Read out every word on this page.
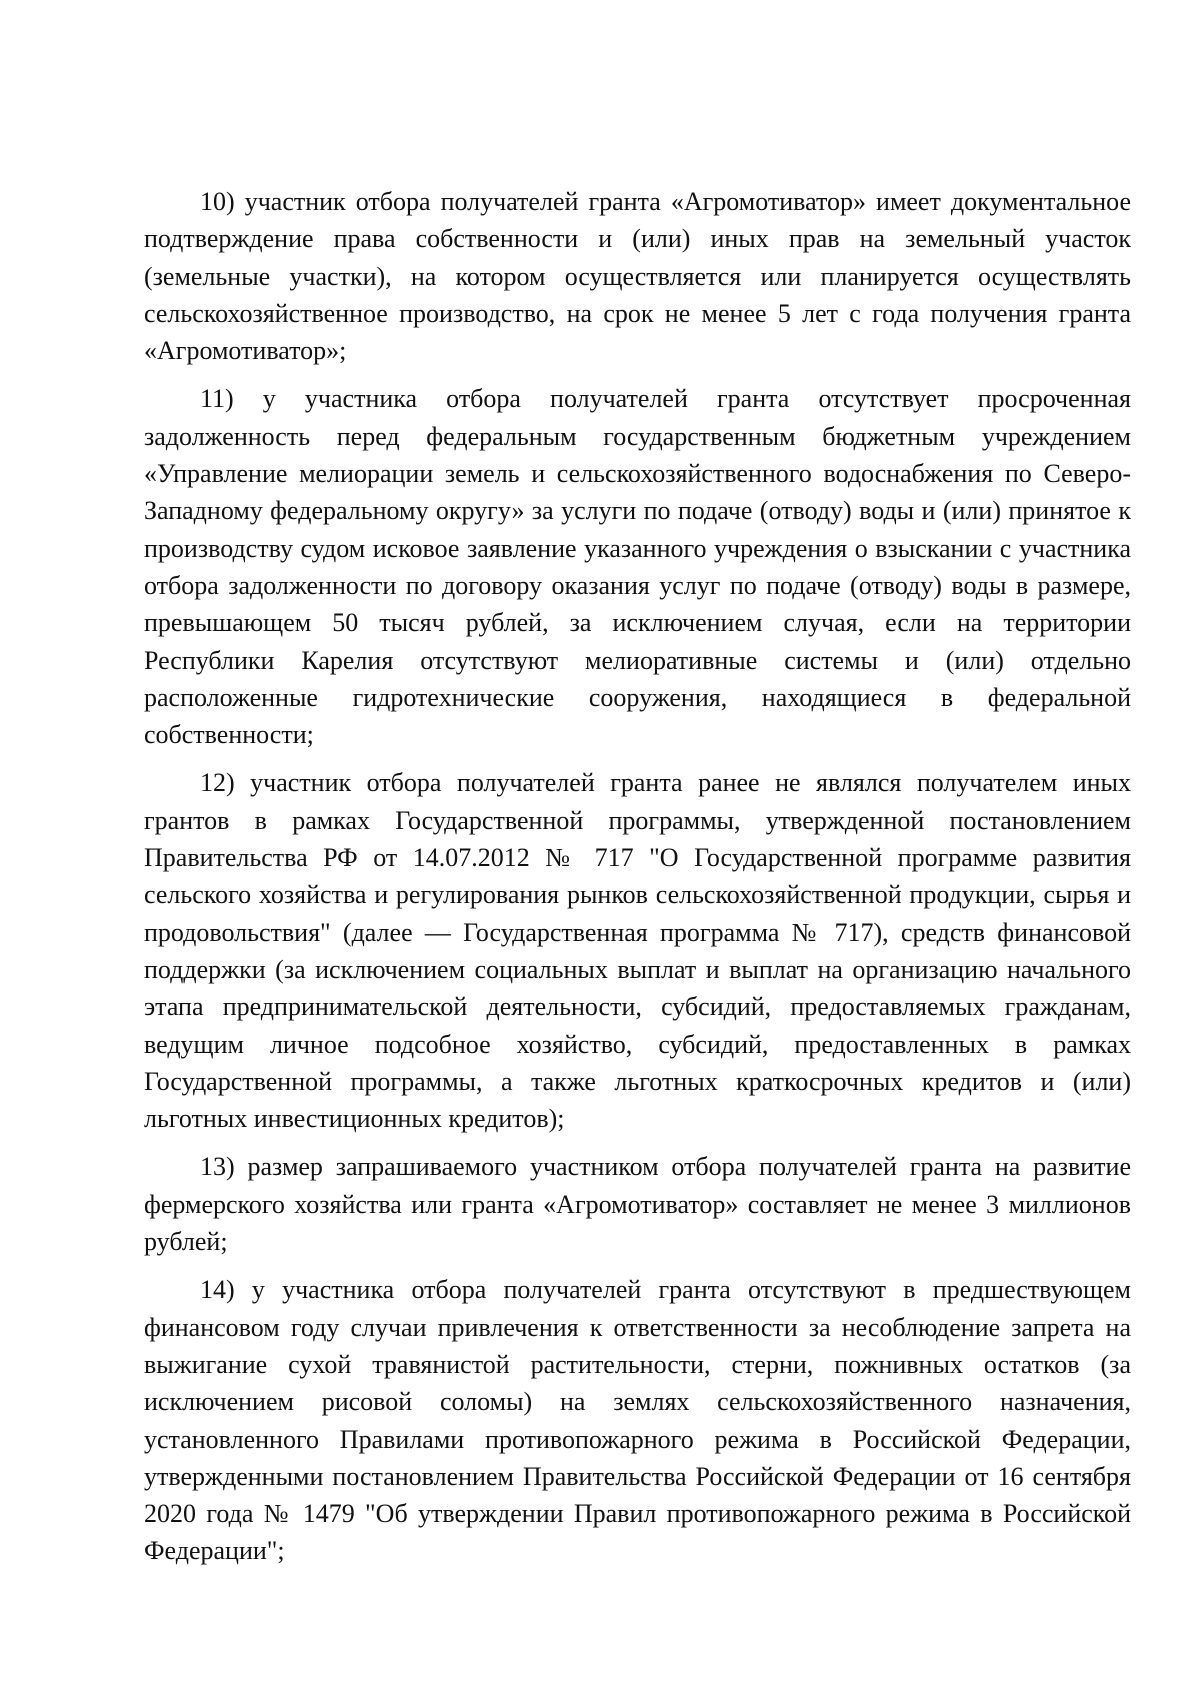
10) участник отбора получателей гранта «Агромотиватор» имеет документальное подтверждение права собственности и (или) иных прав на земельный участок (земельные участки), на котором осуществляется или планируется осуществлять сельскохозяйственное производство, на срок не менее 5 лет с года получения гранта «Агромотиватор»;

11) у участника отбора получателей гранта отсутствует просроченная задолженность перед федеральным государственным бюджетным учреждением «Управление мелиорации земель и сельскохозяйственного водоснабжения по Северо-Западному федеральному округу» за услуги по подаче (отводу) воды и (или) принятое к производству судом исковое заявление указанного учреждения о взыскании с участника отбора задолженности по договору оказания услуг по подаче (отводу) воды в размере, превышающем 50 тысяч рублей, за исключением случая, если на территории Республики Карелия отсутствуют мелиоративные системы и (или) отдельно расположенные гидротехнические сооружения, находящиеся в федеральной собственности;

12) участник отбора получателей гранта ранее не являлся получателем иных грантов в рамках Государственной программы, утвержденной постановлением Правительства РФ от 14.07.2012 № 717 "О Государственной программе развития сельского хозяйства и регулирования рынков сельскохозяйственной продукции, сырья и продовольствия" (далее — Государственная программа № 717), средств финансовой поддержки (за исключением социальных выплат и выплат на организацию начального этапа предпринимательской деятельности, субсидий, предоставляемых гражданам, ведущим личное подсобное хозяйство, субсидий, предоставленных в рамках Государственной программы, а также льготных краткосрочных кредитов и (или) льготных инвестиционных кредитов);

13) размер запрашиваемого участником отбора получателей гранта на развитие фермерского хозяйства или гранта «Агромотиватор» составляет не менее 3 миллионов рублей;

14) у участника отбора получателей гранта отсутствуют в предшествующем финансовом году случаи привлечения к ответственности за несоблюдение запрета на выжигание сухой травянистой растительности, стерни, пожнивных остатков (за исключением рисовой соломы) на землях сельскохозяйственного назначения, установленного Правилами противопожарного режима в Российской Федерации, утвержденными постановлением Правительства Российской Федерации от 16 сентября 2020 года № 1479 "Об утверждении Правил противопожарного режима в Российской Федерации";
